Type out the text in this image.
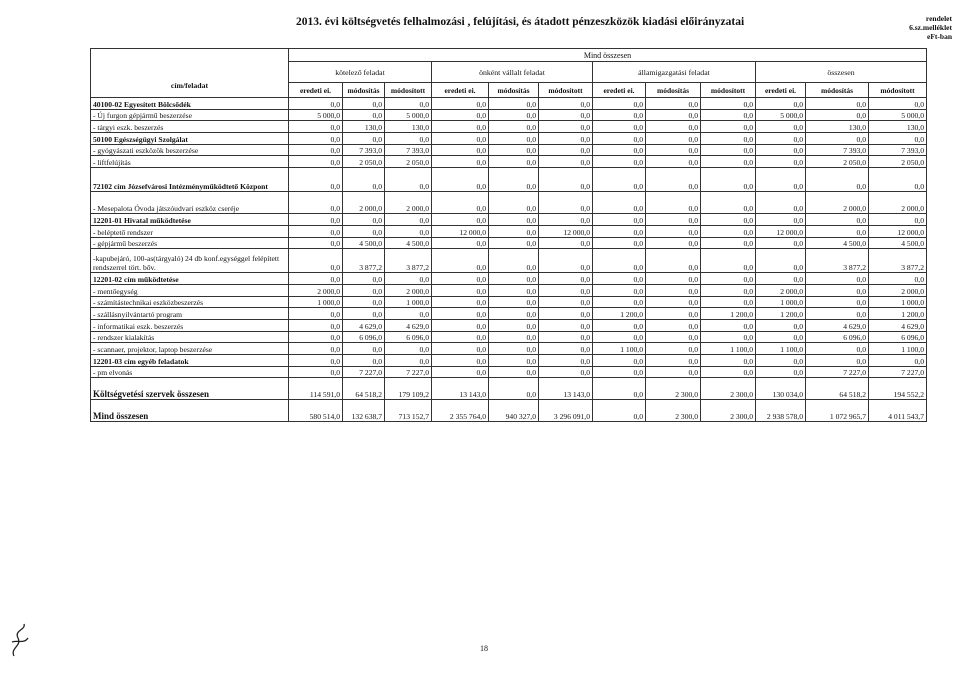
2013. évi költségvetés felhalmozási , felújítási, és átadott pénzeszközök kiadási előirányzatai	rendelet
6.sz.melléklet
eFt-ban
cím/feladat	Mind összesen											
	kötelező feladat			önként vállalt feladat			államigazgatási feladat			összesen		
	eredeti ei.	módosítás	módosított	eredeti ei.	módosítás	módosított	eredeti ei.	módosítás	módosított	eredeti ei.	módosítás	módosított
40100-02 Egyesített Bölcsődék	0,0	0,0	0,0	0,0	0,0	0,0	0,0	0,0	0,0	0,0	0,0	0,0
- Új furgon gépjármű beszerzése	5 000,0	0,0	5 000,0	0,0	0,0	0,0	0,0	0,0	0,0	5 000,0	0,0	5 000,0
- tárgyi eszk. beszerzés	0,0	130,0	130,0	0,0	0,0	0,0	0,0	0,0	0,0	0,0	130,0	130,0
50100 Egészségügyi Szolgálat	0,0	0,0	0,0	0,0	0,0	0,0	0,0	0,0	0,0	0,0	0,0	0,0
- gyógyászati eszközök beszerzése	0,0	7 393,0	7 393,0	0,0	0,0	0,0	0,0	0,0	0,0	0,0	7 393,0	7 393,0
- liftfelújítás	0,0	2 050,0	2 050,0	0,0	0,0	0,0	0,0	0,0	0,0	0,0	2 050,0	2 050,0
72102 cím Józsefvárosi Intézményműködtető Központ	0,0	0,0	0,0	0,0	0,0	0,0	0,0	0,0	0,0	0,0	0,0	0,0
- Mesepalota Óvoda játszóudvari eszköz cseréje	0,0	2 000,0	2 000,0	0,0	0,0	0,0	0,0	0,0	0,0	0,0	2 000,0	2 000,0
12201-01 Hivatal működtetése	0,0	0,0	0,0	0,0	0,0	0,0	0,0	0,0	0,0	0,0	0,0	0,0
- beléptető rendszer	0,0	0,0	0,0	12 000,0	0,0	12 000,0	0,0	0,0	0,0	12 000,0	0,0	12 000,0
- gépjármű beszerzés	0,0	4 500,0	4 500,0	0,0	0,0	0,0	0,0	0,0	0,0	0,0	4 500,0	4 500,0
-kapubejáró, 100-as(tárgyaló) 24 db konf.egységgel felépített rendszerrel tört. bőv.	0,0	3 877,2	3 877,2	0,0	0,0	0,0	0,0	0,0	0,0	0,0	3 877,2	3 877,2
12201-02 cím működtetése	0,0	0,0	0,0	0,0	0,0	0,0	0,0	0,0	0,0	0,0	0,0	0,0
- mentőegység	2 000,0	0,0	2 000,0	0,0	0,0	0,0	0,0	0,0	0,0	2 000,0	0,0	2 000,0
- számítástechnikai eszközbeszerzés	1 000,0	0,0	1 000,0	0,0	0,0	0,0	0,0	0,0	0,0	1 000,0	0,0	1 000,0
- szállásnyilvántartó program	0,0	0,0	0,0	0,0	0,0	0,0	1 200,0	0,0	1 200,0	1 200,0	0,0	1 200,0
- informatikai eszk. beszerzés	0,0	4 629,0	4 629,0	0,0	0,0	0,0	0,0	0,0	0,0	0,0	4 629,0	4 629,0
- rendszer kialakítás	0,0	6 096,0	6 096,0	0,0	0,0	0,0	0,0	0,0	0,0	0,0	6 096,0	6 096,0
- scannaer, projektor, laptop beszerzése	0,0	0,0	0,0	0,0	0,0	0,0	1 100,0	0,0	1 100,0	1 100,0	0,0	1 100,0
12201-03 cím egyéb feladatok	0,0	0,0	0,0	0,0	0,0	0,0	0,0	0,0	0,0	0,0	0,0	0,0
- pm elvonás	0,0	7 227,0	7 227,0	0,0	0,0	0,0	0,0	0,0	0,0	0,0	7 227,0	7 227,0
Költségvetési szervek összesen	114 591,0	64 518,2	179 109,2	13 143,0	0,0	13 143,0	0,0	2 300,0	2 300,0	130 034,0	64 518,2	194 552,2
Mind összesen	580 514,0	132 638,7	713 152,7	2 355 764,0	940 327,0	3 296 091,0	0,0	2 300,0	2 300,0	2 938 578,0	1 072 965,7	4 011 543,7
18
